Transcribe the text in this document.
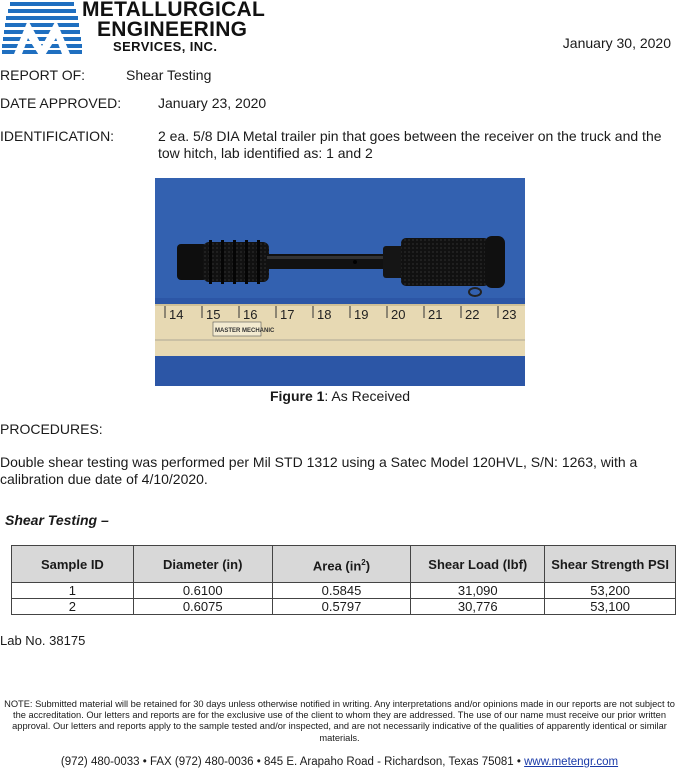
METALLURGICAL
ENGINEERING
SERVICES, INC.	January 30, 2020
REPORT OF:	Shear Testing
DATE APPROVED:	January 23, 2020
IDENTIFICATION:	2 ea. 5/8 DIA Metal trailer pin that goes between the receiver on the truck and the tow hitch, lab identified as: 1 and 2
14 15 16 17 18 19 20 21 22 23
MASTER MECHANIC
Figure 1: As Received
PROCEDURES:
Double shear testing was performed per Mil STD 1312 using a Satec Model 120HVL, S/N: 1263, with a calibration due date of 4/10/2020.
Shear Testing –
Sample ID	Diameter (in)	Area $(in^2)$	Shear Load (lbf)	Shear Strength PSI
1	0.6100	0.5845	31,090	53,200
2	0.6075	0.5797	30,776	53,100
Lab No. 38175
NOTE: Submitted material will be retained for 30 days unless otherwise notified in writing. Any interpretations and/or opinions made in our reports are not subject to the accreditation. Our letters and reports are for the exclusive use of the client to whom they are addressed. The use of our name must receive our prior written approval. Our letters and reports apply to the sample tested and/or inspected, and are not necessarily indicative of the qualities of apparently identical or similar materials.
(972) 480-0033 • FAX (972) 480-0036 • 845 E. Arapaho Road - Richardson, Texas 75081 • www.metengr.com
